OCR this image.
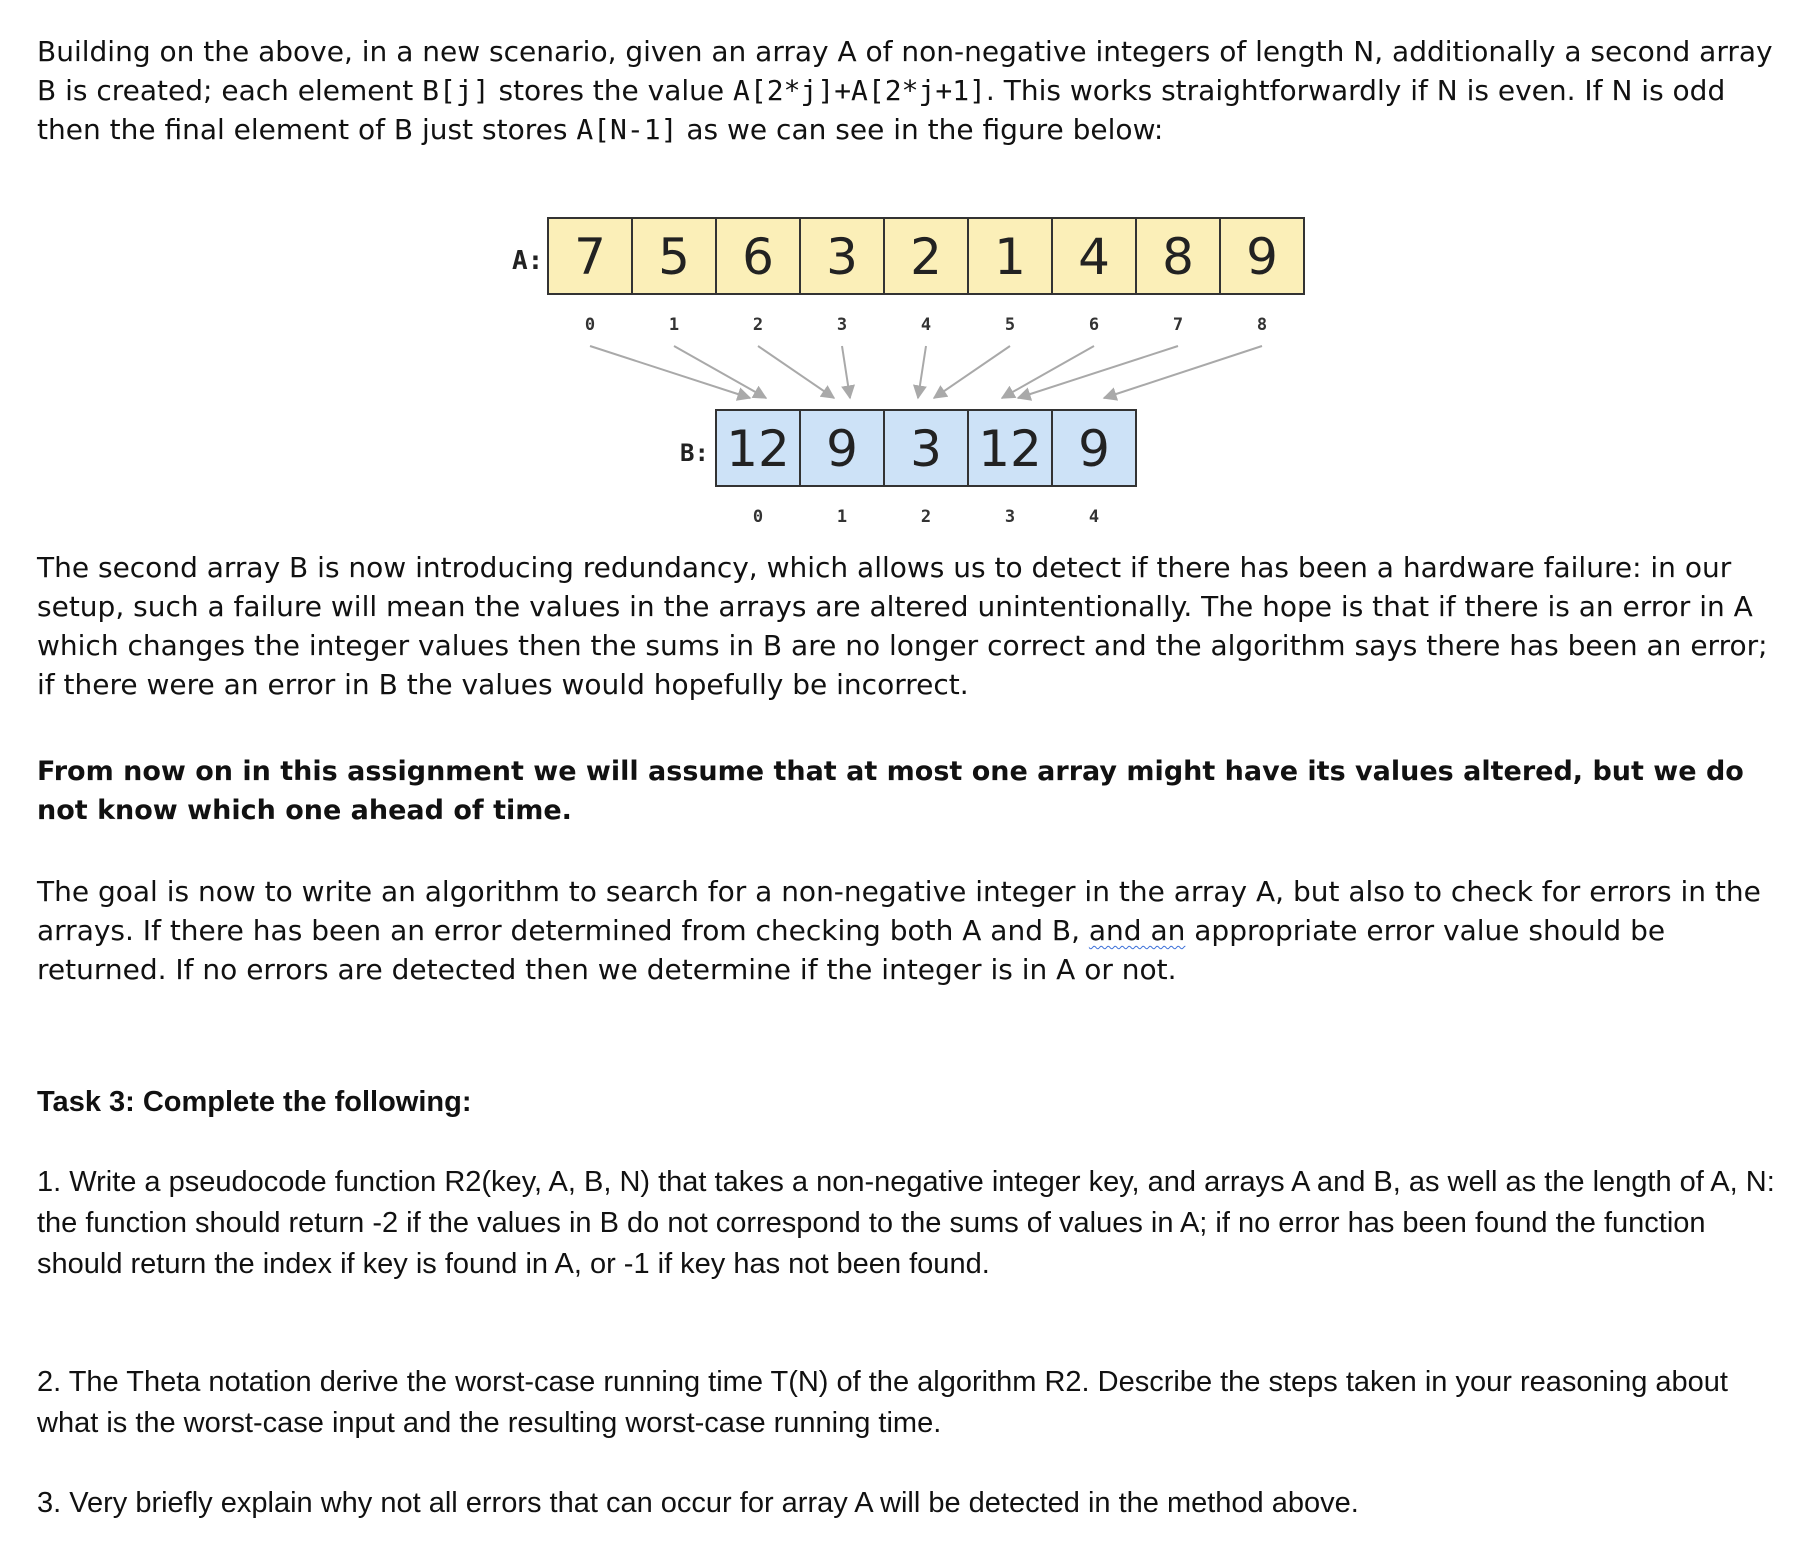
Building on the above, in a new scenario, given an array A of non-negative integers of length N, additionally a second array B is created; each element B[j] stores the value A[2*j]+A[2*j+1]. This works straightforwardly if N is even. If N is odd then the final element of B just stores A[N-1] as we can see in the figure below:

A:
B:
7 5 6 3 2 1 4 8 9
0	1	2	3	4	5	6	7	8
12 9 3 12 9
0	1	2	3	4

The second array B is now introducing redundancy, which allows us to detect if there has been a hardware failure: in our setup, such a failure will mean the values in the arrays are altered unintentionally. The hope is that if there is an error in A which changes the integer values then the sums in B are no longer correct and the algorithm says there has been an error; if there were an error in B the values would hopefully be incorrect.

From now on in this assignment we will assume that at most one array might have its values altered, but we do not know which one ahead of time.

The goal is now to write an algorithm to search for a non-negative integer in the array A, but also to check for errors in the arrays. If there has been an error determined from checking both A and B, and an appropriate error value should be returned. If no errors are detected then we determine if the integer is in A or not.

Task 3: Complete the following:

1. Write a pseudocode function R2(key, A, B, N) that takes a non-negative integer key, and arrays A and B, as well as the length of A, N: the function should return -2 if the values in B do not correspond to the sums of values in A; if no error has been found the function should return the index if key is found in A, or -1 if key has not been found.

2. The Theta notation derive the worst-case running time T(N) of the algorithm R2. Describe the steps taken in your reasoning about what is the worst-case input and the resulting worst-case running time.

3. Very briefly explain why not all errors that can occur for array A will be detected in the method above.
